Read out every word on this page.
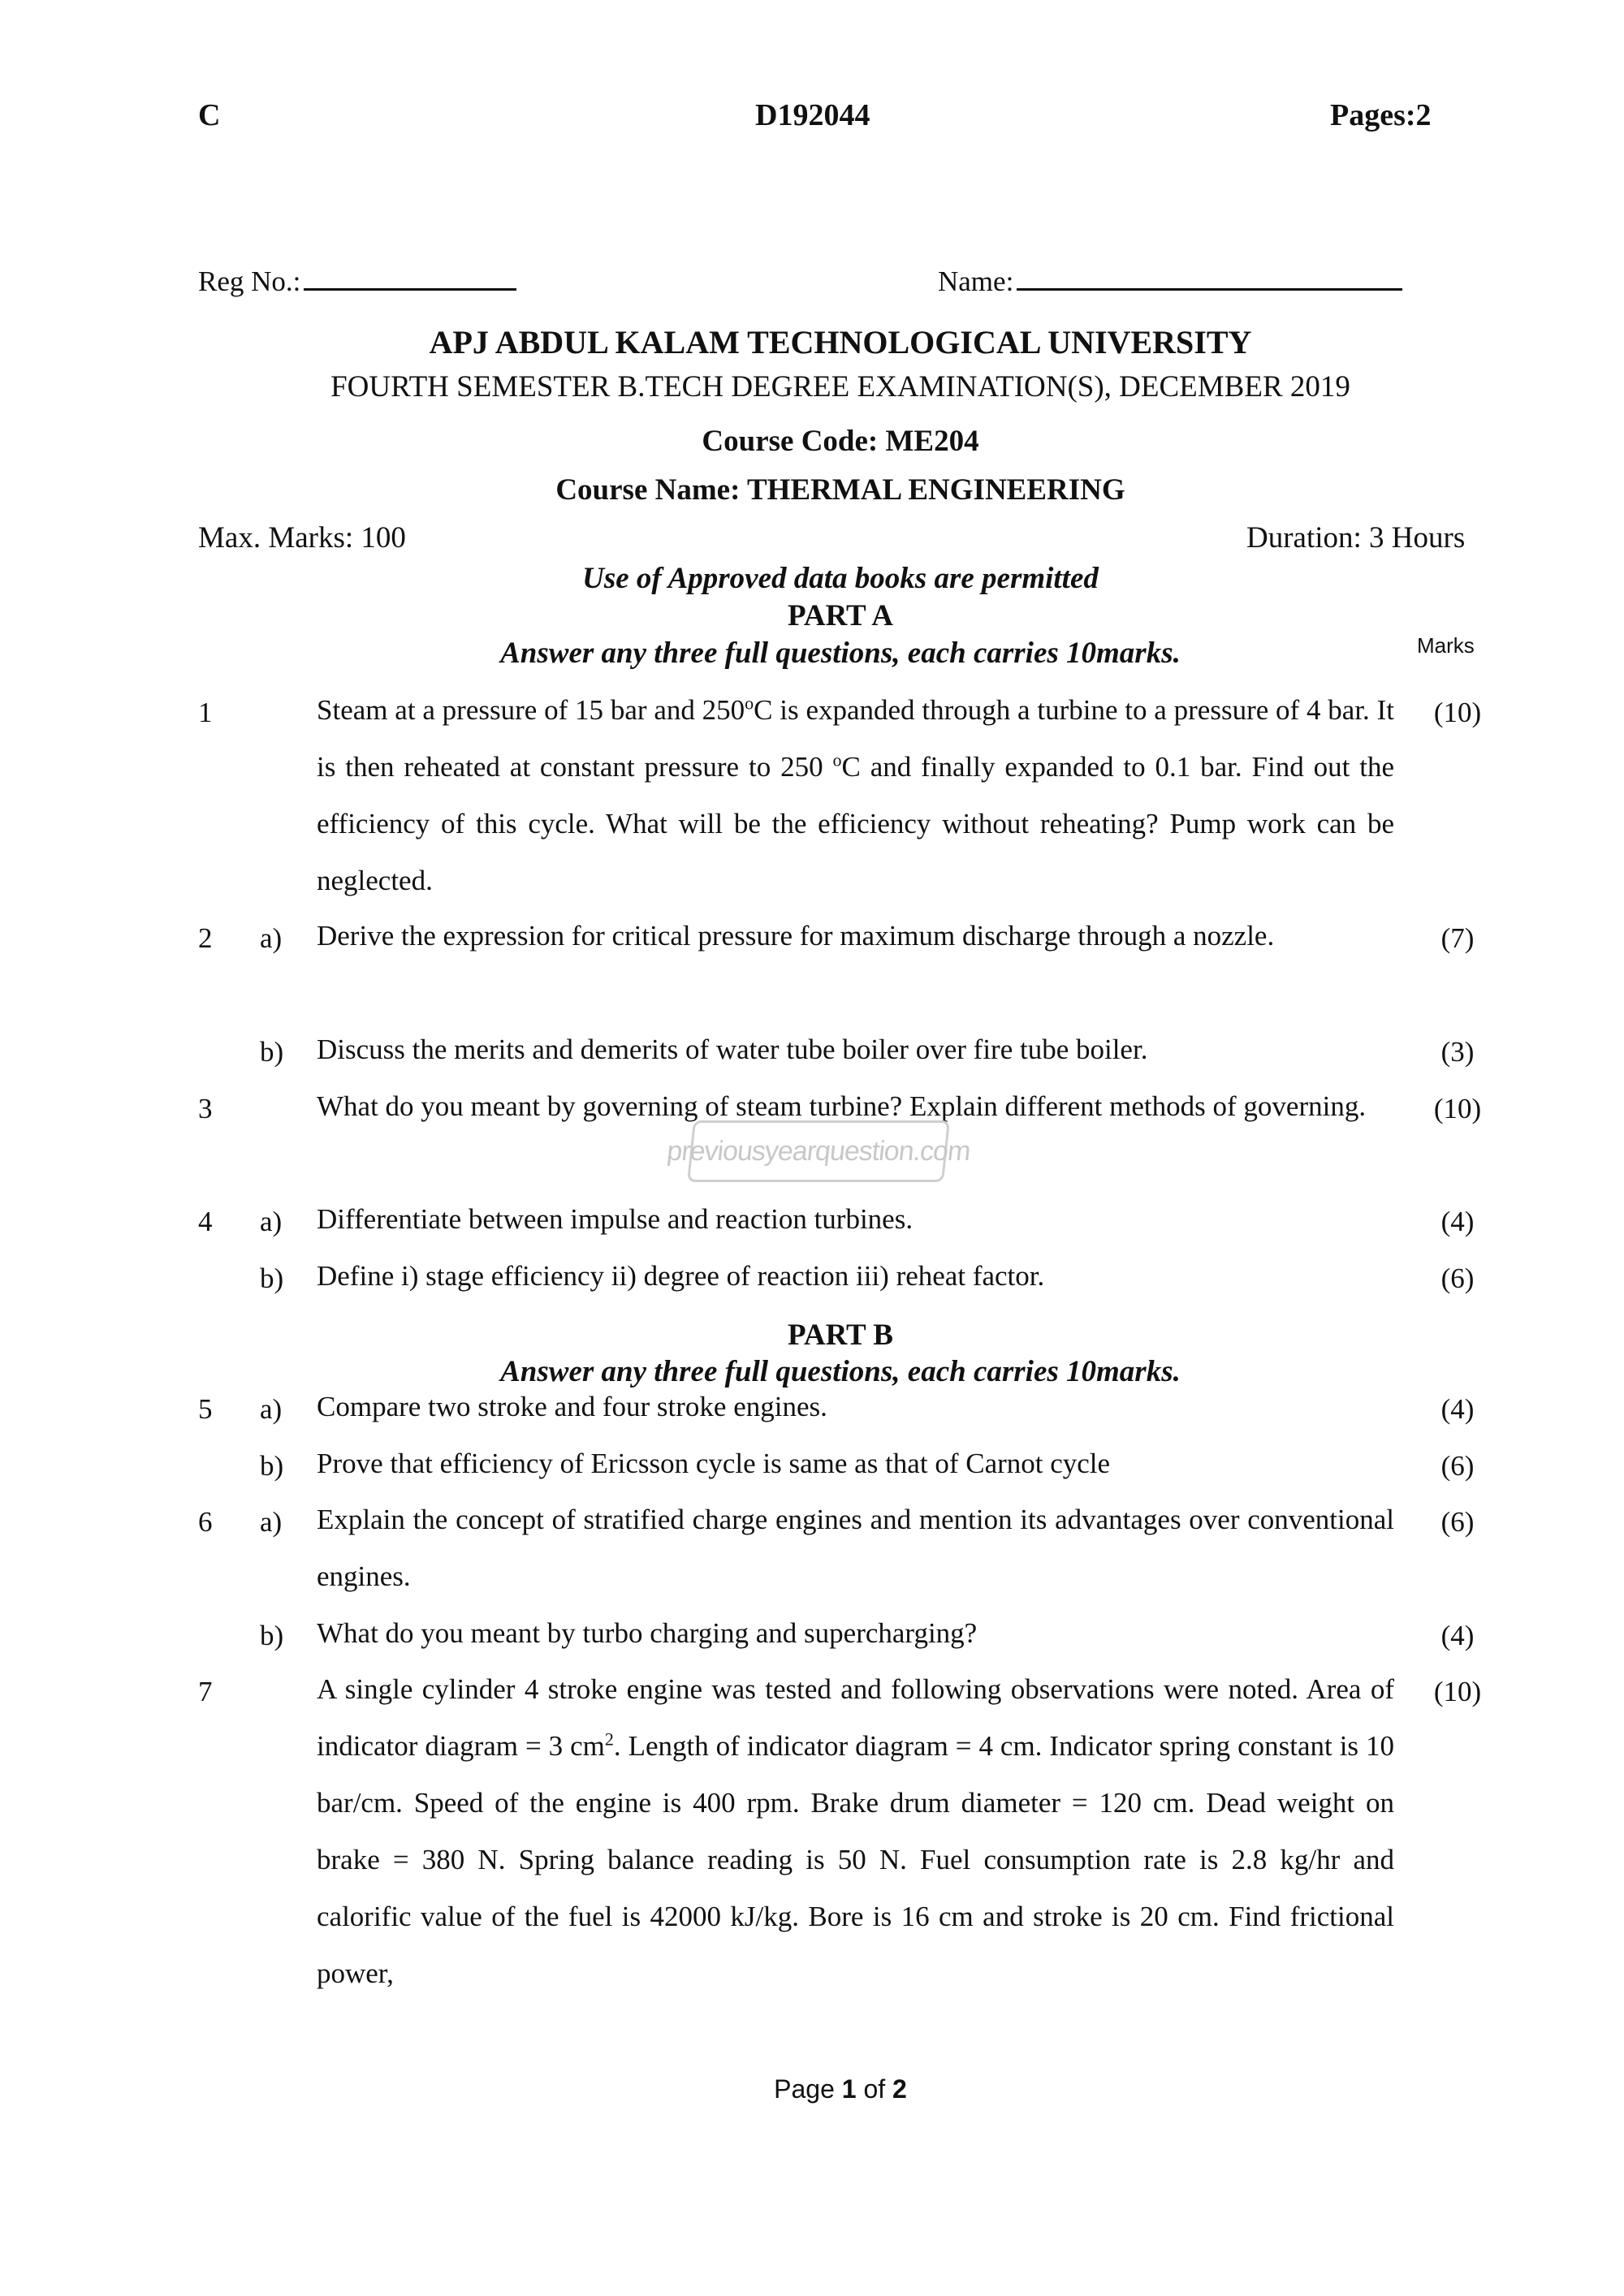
C	D192044	Pages:2
Reg No.:	Name:
APJ ABDUL KALAM TECHNOLOGICAL UNIVERSITY
FOURTH SEMESTER B.TECH DEGREE EXAMINATION(S), DECEMBER 2019
Course Code: ME204
Course Name: THERMAL ENGINEERING
Max. Marks: 100	Duration: 3 Hours
Use of Approved data books are permitted
PART A
Answer any three full questions, each carries 10marks.	Marks
1	Steam at a pressure of 15 bar and 250$^o$C is expanded through a turbine to a pressure of 4 bar. It is then reheated at constant pressure to 250 $^o$C and finally expanded to 0.1 bar. Find out the efficiency of this cycle. What will be the efficiency without reheating? Pump work can be neglected.
(10)
2 a) Derive the expression for critical pressure for maximum discharge through a nozzle.	(7)
b) Discuss the merits and demerits of water tube boiler over fire tube boiler.	(3)
3	What do you meant by governing of steam turbine? Explain different methods of governing.	(10)
previousyearquestion.com
4 a) Differentiate between impulse and reaction turbines.	(4)
b) Define i) stage efficiency ii) degree of reaction iii) reheat factor.	(6)
PART B
Answer any three full questions, each carries 10marks.
5 a) Compare two stroke and four stroke engines.	(4)
b) Prove that efficiency of Ericsson cycle is same as that of Carnot cycle	(6)
6 a) Explain the concept of stratified charge engines and mention its advantages over conventional engines.
(6)
b) What do you meant by turbo charging and supercharging?	(4)
7	A single cylinder 4 stroke engine was tested and following observations were noted. Area of indicator diagram = 3 $cm^2$. Length of indicator diagram = 4 cm. Indicator spring constant is 10 bar/cm. Speed of the engine is 400 rpm. Brake drum diameter = 120 cm. Dead weight on brake = 380 N. Spring balance reading is 50 N. Fuel consumption rate is 2.8 kg/hr and calorific value of the fuel is 42000 kJ/kg. Bore is 16 cm and stroke is 20 cm. Find frictional power,
(10)
Page 1 of 2
